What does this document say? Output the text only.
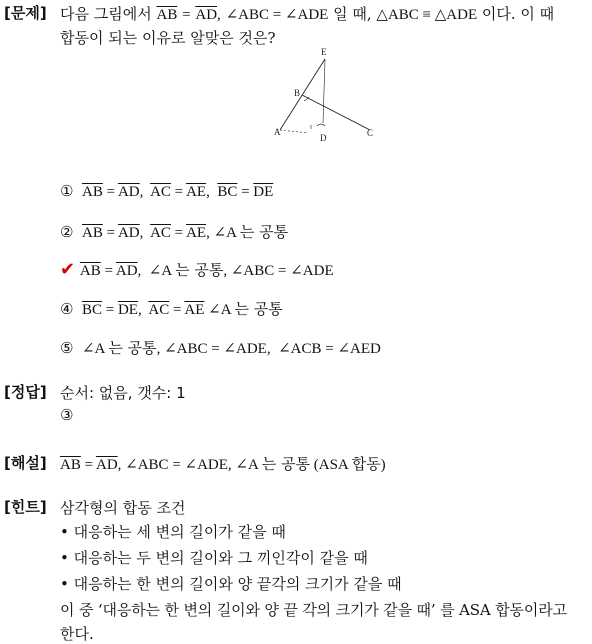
[문제] 다음 그림에서 $\overline{AB} = \overline{AD}$, ∠ABC = ∠ADE 일 때, △ABC ≡ △ADE 이다. 이 때
합동이 되는 이유로 알맞은 것은?
E
B
A
D	C
① $\overline{AB} = \overline{AD}$,  $\overline{AC} = \overline{AE}$,  $\overline{BC} = \overline{DE}$
② $\overline{AB} = \overline{AD}$,  $\overline{AC} = \overline{AE}$, ∠A 는 공통
✔ $\overline{AB} = \overline{AD}$,  ∠A 는 공통, ∠ABC = ∠ADE
④ $\overline{BC} = \overline{DE}$,  $\overline{AC} = \overline{AE}$ ∠A 는 공통
⑤  ∠A 는 공통, ∠ABC = ∠ADE,  ∠ACB = ∠AED
[정답] 순서: 없음, 갯수: 1
③
[해설] $\overline{AB} = \overline{AD}$, ∠ABC = ∠ADE, ∠A 는 공통 (ASA 합동)
[힌트] 삼각형의 합동 조건
• 대응하는 세 변의 길이가 같을 때
• 대응하는 두 변의 길이와 그 끼인각이 같을 때
• 대응하는 한 변의 길이와 양 끝각의 크기가 같을 때
이 중 ‘대응하는 한 변의 길이와 양 끝 각의 크기가 같을 때’ 를 ASA 합동이라고
한다.
